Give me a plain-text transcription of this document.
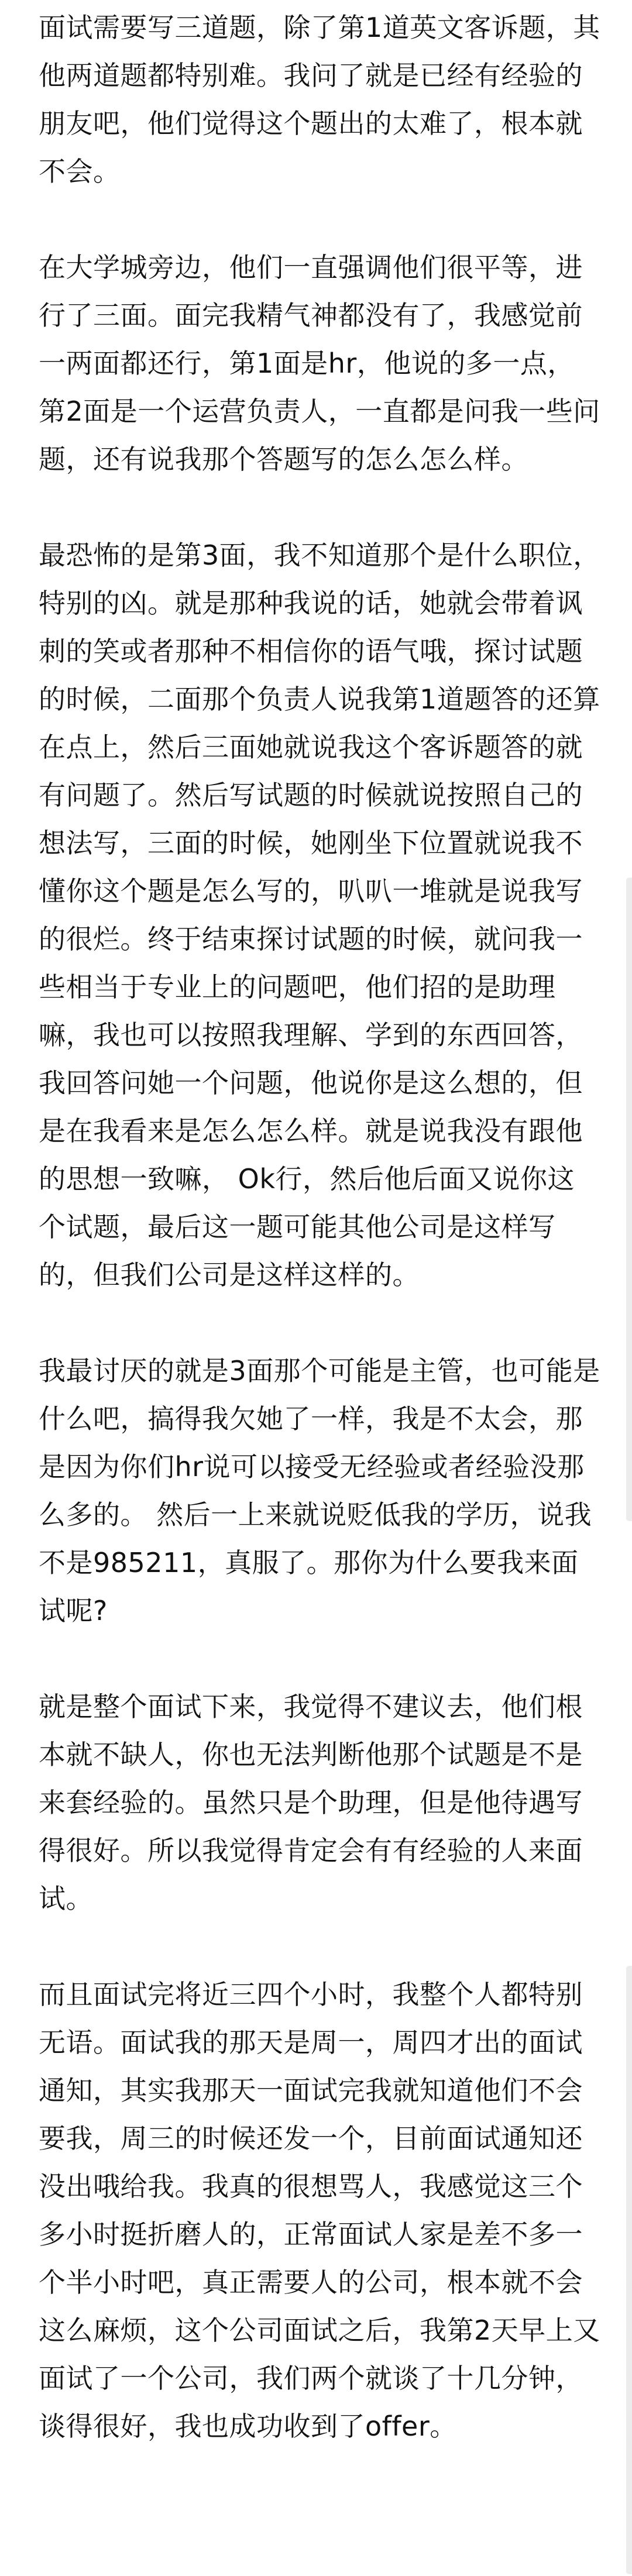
面试需要写三道题，除了第1道英文客诉题，其他两道题都特别难。我问了就是已经有经验的朋友吧，他们觉得这个题出的太难了，根本就不会。

在大学城旁边，他们一直强调他们很平等，进行了三面。面完我精气神都没有了，我感觉前一两面都还行，第1面是hr，他说的多一点，第2面是一个运营负责人，一直都是问我一些问题，还有说我那个答题写的怎么怎么样。

最恐怖的是第3面，我不知道那个是什么职位，特别的凶。就是那种我说的话，她就会带着讽刺的笑或者那种不相信你的语气哦，探讨试题的时候，二面那个负责人说我第1道题答的还算在点上，然后三面她就说我这个客诉题答的就有问题了。然后写试题的时候就说按照自己的想法写，三面的时候，她刚坐下位置就说我不懂你这个题是怎么写的，叭叭一堆就是说我写的很烂。终于结束探讨试题的时候，就问我一些相当于专业上的问题吧，他们招的是助理嘛，我也可以按照我理解、学到的东西回答，我回答问她一个问题，他说你是这么想的，但是在我看来是怎么怎么样。就是说我没有跟他的思想一致嘛， Ok行，然后他后面又说你这个试题，最后这一题可能其他公司是这样写的，但我们公司是这样这样的。

我最讨厌的就是3面那个可能是主管，也可能是什么吧，搞得我欠她了一样，我是不太会，那是因为你们hr说可以接受无经验或者经验没那么多的。 然后一上来就说贬低我的学历，说我不是985211，真服了。那你为什么要我来面试呢?

就是整个面试下来，我觉得不建议去，他们根本就不缺人，你也无法判断他那个试题是不是来套经验的。虽然只是个助理，但是他待遇写得很好。所以我觉得肯定会有有经验的人来面试。

而且面试完将近三四个小时，我整个人都特别无语。面试我的那天是周一，周四才出的面试通知，其实我那天一面试完我就知道他们不会要我，周三的时候还发一个，目前面试通知还没出哦给我。我真的很想骂人，我感觉这三个多小时挺折磨人的，正常面试人家是差不多一个半小时吧，真正需要人的公司，根本就不会这么麻烦，这个公司面试之后，我第2天早上又面试了一个公司，我们两个就谈了十几分钟，谈得很好，我也成功收到了offer。
